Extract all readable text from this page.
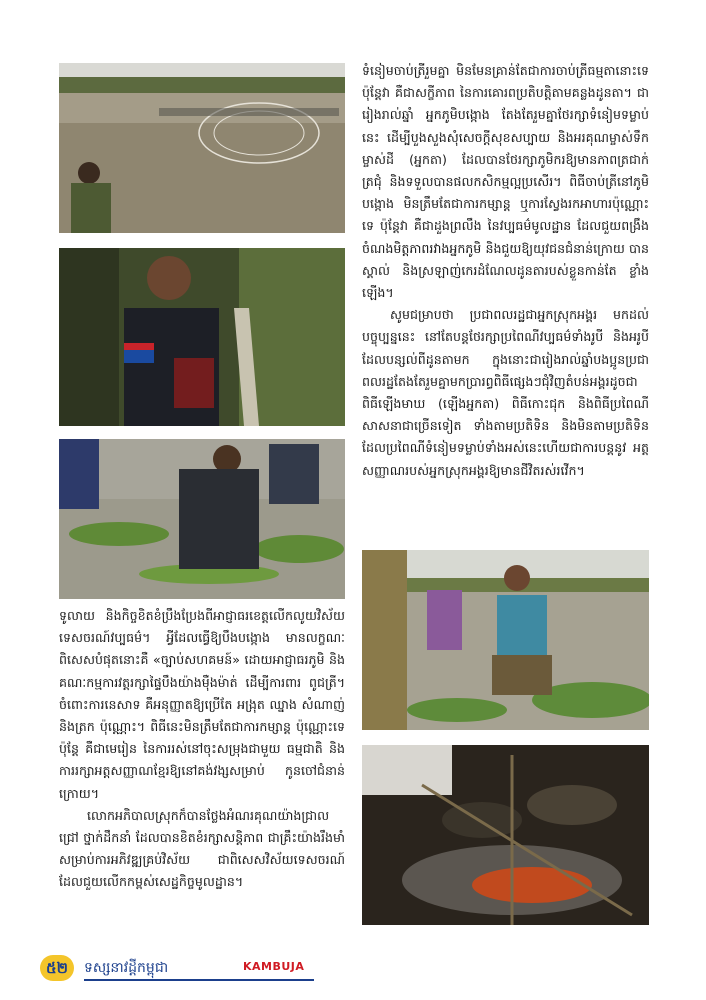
ទំនៀមចាប់ត្រីរួមគ្នា មិនមែនគ្រាន់តែជាការចាប់ត្រីធម្មតានោះទេ ប៉ុន្តែវា គឺជាសក្ខីភាព នៃការគោរពប្រតិបត្តិតាមគន្លងដូនតា។ ជារៀងរាល់ឆ្នាំ អ្នកភូមិបង្កោង តែងតែរួមគ្នាថែរក្សាទំនៀមទម្លាប់ នេះ ដើម្បីបួងសួងសុំសេចក្តីសុខសប្បាយ និងអរគុណម្ចាស់ទឹក ម្ចាស់ដី (អ្នកតា) ដែលបានថែរក្សាភូមិករឱ្យមានភាពត្រជាក់ ត្រជុំ និងទទួលបានផលកសិកម្មល្អប្រសើរ។ ពិធីចាប់ត្រីនៅភូមិ បង្កោង មិនត្រឹមតែជាការកម្សាន្ត ឬការស្វែងរកអាហារប៉ុណ្ណោះ ទេ ប៉ុន្តែវា គឺជាដួងព្រលឹង នៃវប្បធម៌មូលដ្ឋាន ដែលជួយពង្រឹង ចំណងមិត្តភាពរវាងអ្នកភូមិ និងជួយឱ្យយុវជនជំនាន់ក្រោយ បានស្គាល់ និងស្រឡាញ់កេរដំណែលដូនតារបស់ខ្លួនកាន់តែ ខ្លាំងឡើង។

សូមជម្រាបថា ប្រជាពលរដ្ឋជាអ្នកស្រុកអង្គរ មកដល់ បច្ចុប្បន្ននេះ នៅតែបន្តថែរក្សាប្រពៃណីវប្បធម៌ទាំងរូបី និងអរូបី ដែលបន្សល់ពីដូនតាមក ក្នុងនោះជារៀងរាល់ឆ្នាំបងប្អូនប្រជា ពលរដ្ឋតែងតែរួមគ្នាមកប្រារព្ធពិធីផ្សេងៗជុំវិញតំបន់អង្គរដូចជា ពិធីឡើងមាឃ (ឡើងអ្នកតា) ពិធីកោះជុក និងពិធីប្រពៃណី សាសនាជាច្រើនទៀត ទាំងតាមប្រតិទិន និងមិនតាមប្រតិទិន ដែលប្រពៃណីទំនៀមទម្លាប់ទាំងអស់នេះហើយជាការបន្តនូវ អត្តសញ្ញាណរបស់អ្នកស្រុកអង្គរឱ្យមានជីវិតរស់រវើក។

ទូលាយ និងកិច្ចខិតខំប្រឹងប្រែងពីអាជ្ញាធរខេត្តលើកលូយវិស័យ ទេសចរណ៍វប្បធម៌។ អ្វីដែលធ្វើឱ្យបឹងបង្កោង មានលក្ខណៈ ពិសេសបំផុតនោះគឺ «ច្បាប់សហគមន៍» ដោយអាជ្ញាធរភូមិ និងគណៈកម្មការវត្តរក្សាផ្ទៃបឹងយ៉ាងម៉ឺងម៉ាត់ ដើម្បីការពារ ពូជត្រី។ ចំពោះការនេសាទ គឺអនុញ្ញាតឱ្យប្រើតែ អង្រុត ឈ្នាង សំណាញ់ និងត្រក ប៉ុណ្ណោះ។ ពិធីនេះមិនត្រឹមតែជាការកម្សាន្ត ប៉ុណ្ណោះទេ ប៉ុន្តែ គឺជាមេរៀន នៃការរស់នៅចុះសម្រុងជាមួយ ធម្មជាតិ និងការរក្សាអត្តសញ្ញាណខ្មែរឱ្យនៅគង់វង្សសម្រាប់ កូនចៅជំនាន់ក្រោយ។

លោកអភិបាលស្រុកក៏បានថ្លែងអំណរគុណយ៉ាងជ្រាល ជ្រៅ ថ្នាក់ដឹកនាំ ដែលបានខិតខំរក្សាសន្តិភាព ជាគ្រឹះយ៉ាងរឹងមាំ សម្រាប់ការអភិវឌ្ឍគ្រប់វិស័យ ជាពិសេសវិស័យទេសចរណ៍ ដែលជួយលើកកម្ពស់សេដ្ឋកិច្ចមូលដ្ឋាន។

៥២	ទស្សនាវដ្តីកម្ពុជា	KAMBUJA
